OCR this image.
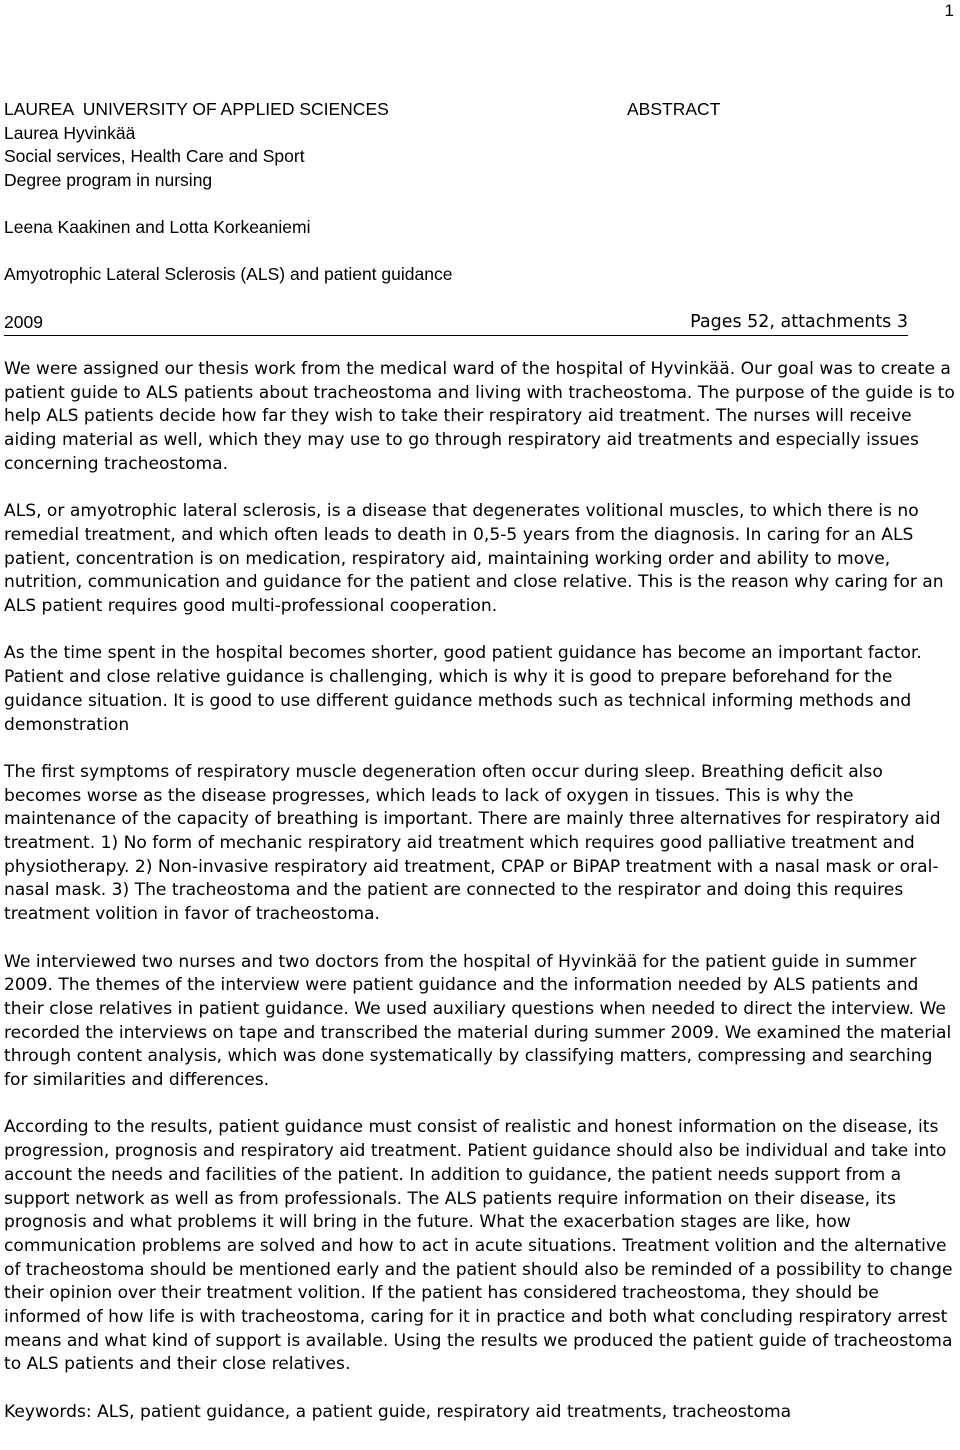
1
LAUREA  UNIVERSITY OF APPLIED SCIENCES
Laurea Hyvinkää
Social services, Health Care and Sport
Degree program in nursing
ABSTRACT
Leena Kaakinen and Lotta Korkeaniemi
Amyotrophic Lateral Sclerosis (ALS) and patient guidance
2009	Pages 52, attachments 3

We were assigned our thesis work from the medical ward of the hospital of Hyvinkää. Our goal was to create a patient guide to ALS patients about tracheostoma and living with tracheostoma. The purpose of the guide is to help ALS patients decide how far they wish to take their respiratory aid treatment. The nurses will receive aiding material as well, which they may use to go through respiratory aid treatments and especially issues concerning tracheostoma.

ALS, or amyotrophic lateral sclerosis, is a disease that degenerates volitional muscles, to which there is no remedial treatment, and which often leads to death in 0,5-5 years from the diagnosis. In caring for an ALS patient, concentration is on medication, respiratory aid, maintaining working order and ability to move, nutrition, communication and guidance for the patient and close relative. This is the reason why caring for an ALS patient requires good multi-professional cooperation.

As the time spent in the hospital becomes shorter, good patient guidance has become an important factor. Patient and close relative guidance is challenging, which is why it is good to prepare beforehand for the guidance situation. It is good to use different guidance methods such as technical informing methods and demonstration

The first symptoms of respiratory muscle degeneration often occur during sleep. Breathing deficit also becomes worse as the disease progresses, which leads to lack of oxygen in tissues. This is why the maintenance of the capacity of breathing is important. There are mainly three alternatives for respiratory aid treatment. 1) No form of mechanic respiratory aid treatment which requires good palliative treatment and physiotherapy. 2) Non-invasive respiratory aid treatment, CPAP or BiPAP treatment with a nasal mask or oral-nasal mask. 3) The tracheostoma and the patient are connected to the respirator and doing this requires treatment volition in favor of tracheostoma.

We interviewed two nurses and two doctors from the hospital of Hyvinkää for the patient guide in summer 2009. The themes of the interview were patient guidance and the information needed by ALS patients and their close relatives in patient guidance. We used auxiliary questions when needed to direct the interview. We recorded the interviews on tape and transcribed the material during summer 2009. We examined the material through content analysis, which was done systematically by classifying matters, compressing and searching for similarities and differences.

According to the results, patient guidance must consist of realistic and honest information on the disease, its progression, prognosis and respiratory aid treatment. Patient guidance should also be individual and take into account the needs and facilities of the patient. In addition to guidance, the patient needs support from a support network as well as from professionals. The ALS patients require information on their disease, its prognosis and what problems it will bring in the future. What the exacerbation stages are like, how communication problems are solved and how to act in acute situations. Treatment volition and the alternative of tracheostoma should be mentioned early and the patient should also be reminded of a possibility to change their opinion over their treatment volition. If the patient has considered tracheostoma, they should be informed of how life is with tracheostoma, caring for it in practice and both what concluding respiratory arrest means and what kind of support is available. Using the results we produced the patient guide of tracheostoma to ALS patients and their close relatives.

Keywords: ALS, patient guidance, a patient guide, respiratory aid treatments, tracheostoma
